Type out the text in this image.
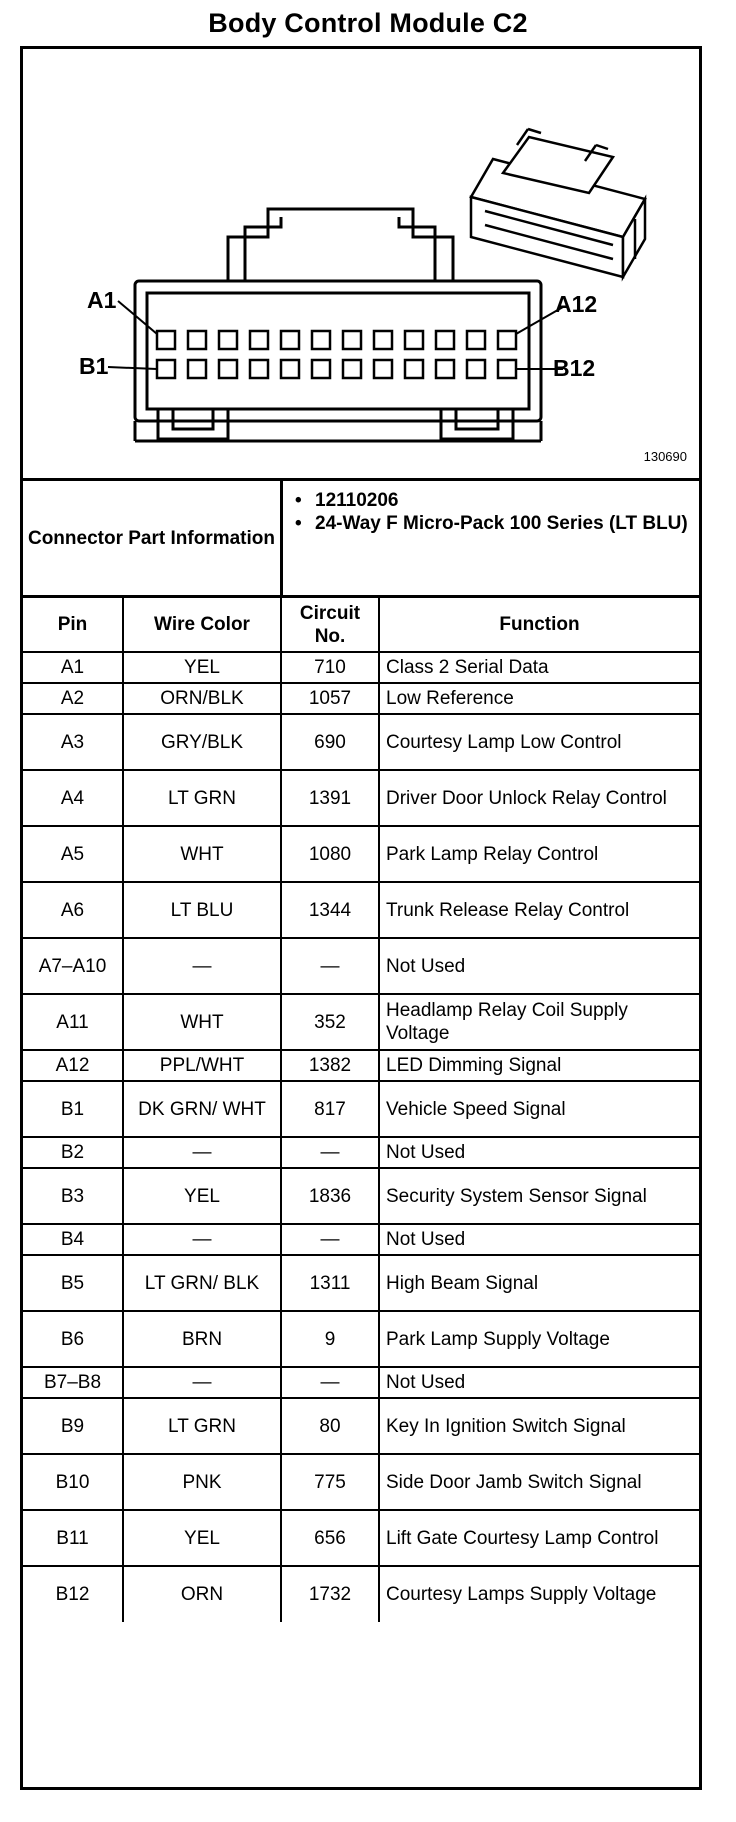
Body Control Module C2
A1	A12
B1	B12
130690
Connector Part Information
• 12110206
• 24-Way F Micro-Pack 100 Series (LT BLU)
Pin	Wire Color	Circuit No.	Function
A1	YEL	710	Class 2 Serial Data
A2	ORN/BLK	1057	Low Reference
A3	GRY/BLK	690	Courtesy Lamp Low Control
A4	LT GRN	1391	Driver Door Unlock Relay Control
A5	WHT	1080	Park Lamp Relay Control
A6	LT BLU	1344	Trunk Release Relay Control
A7–A10	—	—	Not Used
A11	WHT	352	Headlamp Relay Coil Supply Voltage
A12	PPL/WHT	1382	LED Dimming Signal
B1	DK GRN/ WHT	817	Vehicle Speed Signal
B2	—	—	Not Used
B3	YEL	1836	Security System Sensor Signal
B4	—	—	Not Used
B5	LT GRN/ BLK	1311	High Beam Signal
B6	BRN	9	Park Lamp Supply Voltage
B7–B8	—	—	Not Used
B9	LT GRN	80	Key In Ignition Switch Signal
B10	PNK	775	Side Door Jamb Switch Signal
B11	YEL	656	Lift Gate Courtesy Lamp Control
B12	ORN	1732	Courtesy Lamps Supply Voltage
